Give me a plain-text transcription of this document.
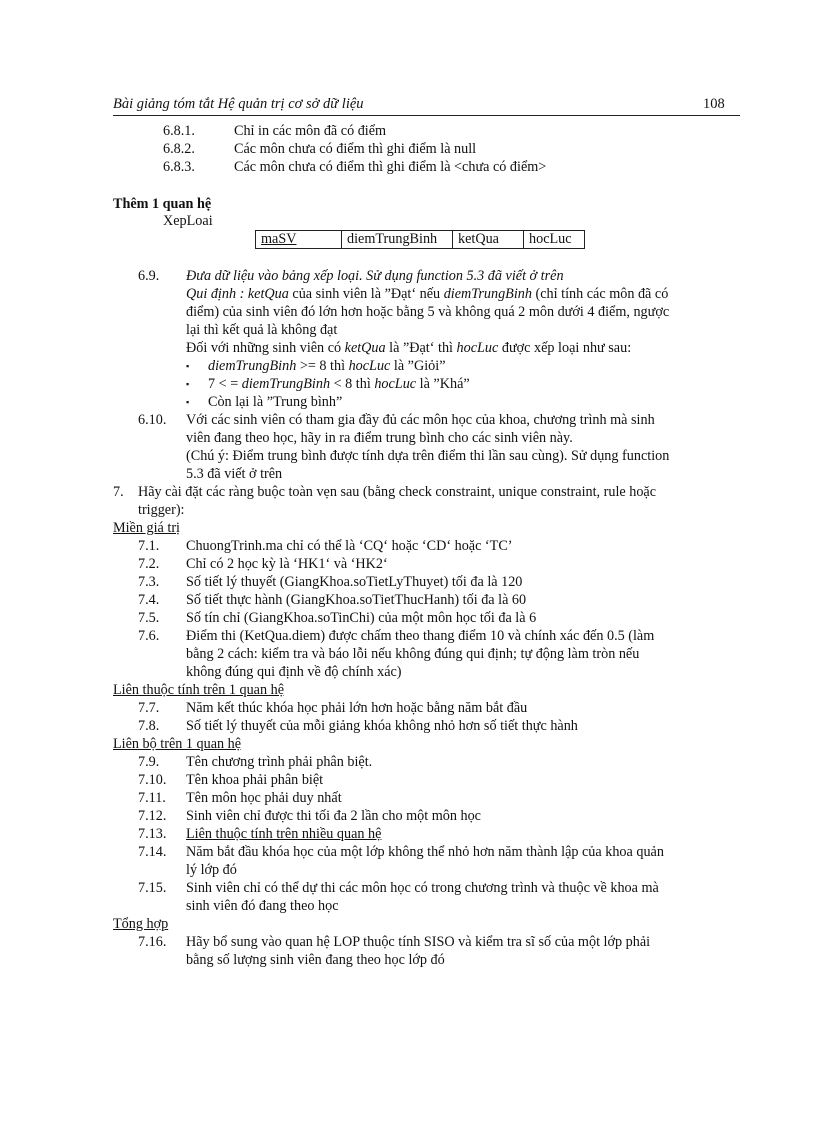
Bài giảng tóm tắt Hệ quản trị cơ sở dữ liệu	108
6.8.1.	Chỉ in các môn đã có điểm
6.8.2.	Các môn chưa có điểm thì ghi điểm là null
6.8.3.	Các môn chưa có điểm thì ghi điểm là <chưa có điểm>
Thêm 1 quan hệ
XepLoai
maSV	diemTrungBinh	ketQua	hocLuc
6.9. Đưa dữ liệu vào bảng xếp loại. Sử dụng function 5.3 đã viết ở trên
Qui định : ketQua của sinh viên là ”Đạt‘ nếu diemTrungBinh (chỉ tính các môn đã có
điểm) của sinh viên đó lớn hơn hoặc bằng 5 và không quá 2 môn dưới 4 điểm, ngược
lại thì kết quả là không đạt
Đối với những sinh viên có ketQua là ”Đạt‘ thì hocLuc được xếp loại như sau:
▪ diemTrungBinh >= 8 thì hocLuc là ”Giỏi”
▪ 7 < = diemTrungBinh < 8 thì hocLuc là ”Khá”
▪ Còn lại là ”Trung bình”
6.10. Với các sinh viên có tham gia đầy đủ các môn học của khoa, chương trình mà sinh
viên đang theo học, hãy in ra điểm trung bình cho các sinh viên này.
(Chú ý: Điểm trung bình được tính dựa trên điểm thi lần sau cùng). Sử dụng function
5.3 đã viết ở trên
7. Hãy cài đặt các ràng buộc toàn vẹn sau (bằng check constraint, unique constraint, rule hoặc
trigger):
Miền giá trị
7.1. ChuongTrinh.ma chỉ có thể là ‘CQ‘ hoặc ‘CD‘ hoặc ‘TC’
7.2. Chỉ có 2 học kỳ là ‘HK1‘ và ‘HK2‘
7.3. Số tiết lý thuyết (GiangKhoa.soTietLyThuyet) tối đa là 120
7.4. Số tiết thực hành (GiangKhoa.soTietThucHanh) tối đa là 60
7.5. Số tín chỉ (GiangKhoa.soTinChi) của một môn học tối đa là 6
7.6. Điểm thi (KetQua.diem) được chấm theo thang điểm 10 và chính xác đến 0.5 (làm
bằng 2 cách: kiểm tra và báo lỗi nếu không đúng qui định; tự động làm tròn nếu
không đúng qui định về độ chính xác)
Liên thuộc tính trên 1 quan hệ
7.7. Năm kết thúc khóa học phải lớn hơn hoặc bằng năm bắt đầu
7.8. Số tiết lý thuyết của mỗi giảng khóa không nhỏ hơn số tiết thực hành
Liên bộ trên 1 quan hệ
7.9. Tên chương trình phải phân biệt.
7.10. Tên khoa phải phân biệt
7.11. Tên môn học phải duy nhất
7.12. Sinh viên chỉ được thi tối đa 2 lần cho một môn học
7.13. Liên thuộc tính trên nhiều quan hệ
7.14. Năm bắt đầu khóa học của một lớp không thể nhỏ hơn năm thành lập của khoa quản
lý lớp đó
7.15. Sinh viên chỉ có thể dự thi các môn học có trong chương trình và thuộc về khoa mà
sinh viên đó đang theo học
Tổng hợp
7.16. Hãy bổ sung vào quan hệ LOP thuộc tính SISO và kiểm tra sĩ số của một lớp phải
bằng số lượng sinh viên đang theo học lớp đó
